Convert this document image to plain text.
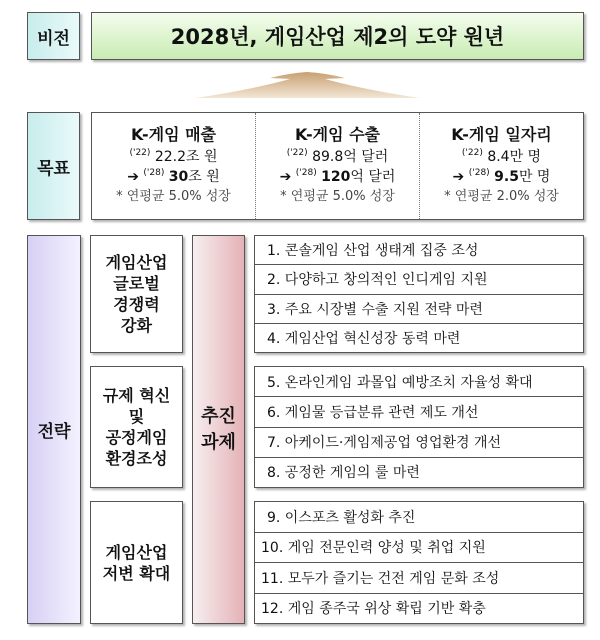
비전	2028년, 게임산업 제2의 도약 원년
목표
K-게임 매출
$^{('22)}$ 22.2조 원
➔ $^{('28)}$ 30조 원
* 연평균 5.0% 성장
K-게임 수출
$^{('22)}$ 89.8억 달러
➔ $^{('28)}$ 120억 달러
* 연평균 5.0% 성장
K-게임 일자리
$^{('22)}$ 8.4만 명
➔ $^{('28)}$ 9.5만 명
* 연평균 2.0% 성장
전략
게임산업
글로벌
경쟁력
강화
규제 혁신
및
공정게임
환경조성
게임산업
저변 확대
추진
과제
1. 콘솔게임 산업 생태계 집중 조성
2. 다양하고 창의적인 인디게임 지원
3. 주요 시장별 수출 지원 전략 마련
4. 게임산업 혁신성장 동력 마련
5. 온라인게임 과몰입 예방조치 자율성 확대
6. 게임물 등급분류 관련 제도 개선
7. 아케이드·게임제공업 영업환경 개선
8. 공정한 게임의 룰 마련
9. 이스포츠 활성화 추진
10. 게임 전문인력 양성 및 취업 지원
11. 모두가 즐기는 건전 게임 문화 조성
12. 게임 종주국 위상 확립 기반 확충
